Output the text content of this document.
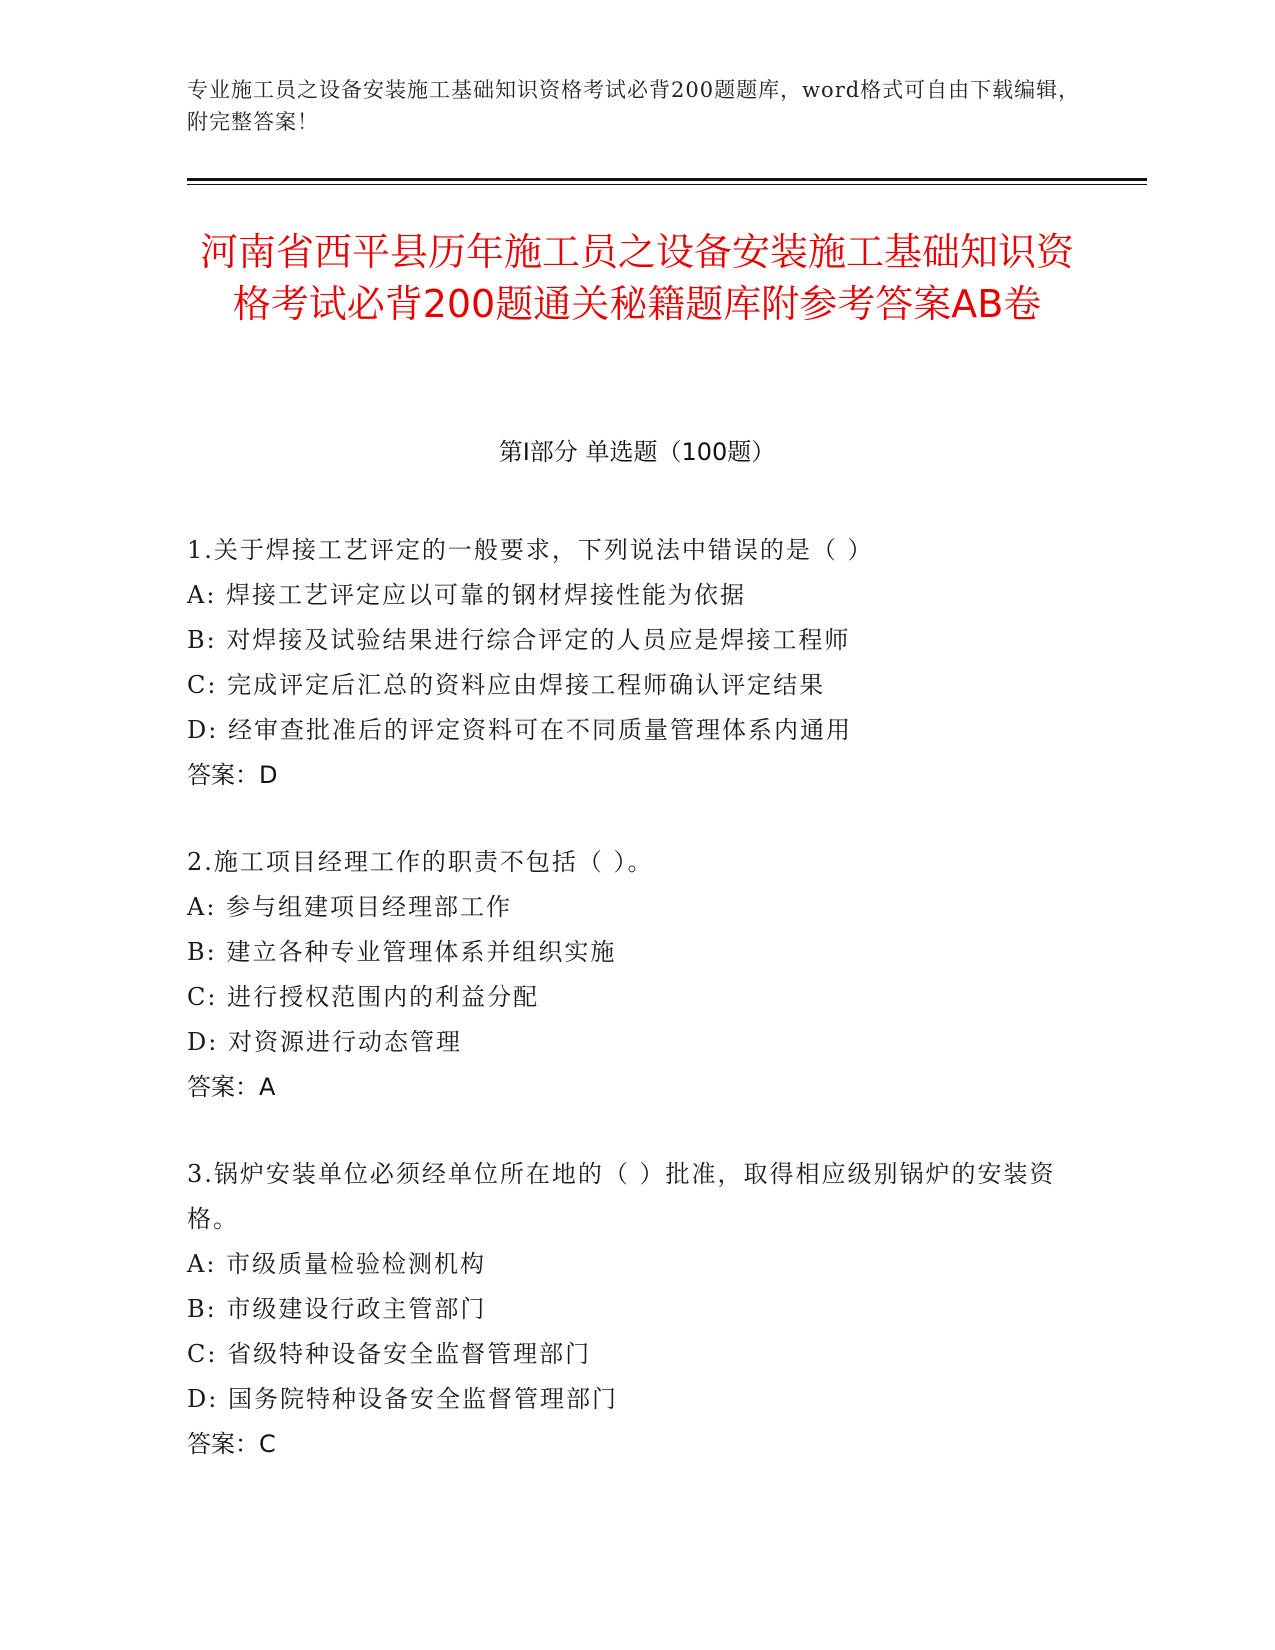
专业施工员之设备安装施工基础知识资格考试必背200题题库，word格式可自由下载编辑，附完整答案！
河南省西平县历年施工员之设备安装施工基础知识资格考试必背200题通关秘籍题库附参考答案AB卷
第Ⅰ部分 单选题（100题）
1.关于焊接工艺评定的一般要求，下列说法中错误的是（ ）
A: 焊接工艺评定应以可靠的钢材焊接性能为依据
B: 对焊接及试验结果进行综合评定的人员应是焊接工程师
C: 完成评定后汇总的资料应由焊接工程师确认评定结果
D: 经审查批准后的评定资料可在不同质量管理体系内通用
答案：D
2.施工项目经理工作的职责不包括（ ）。
A: 参与组建项目经理部工作
B: 建立各种专业管理体系并组织实施
C: 进行授权范围内的利益分配
D: 对资源进行动态管理
答案：A
3.锅炉安装单位必须经单位所在地的（ ）批准，取得相应级别锅炉的安装资格。
A: 市级质量检验检测机构
B: 市级建设行政主管部门
C: 省级特种设备安全监督管理部门
D: 国务院特种设备安全监督管理部门
答案：C
